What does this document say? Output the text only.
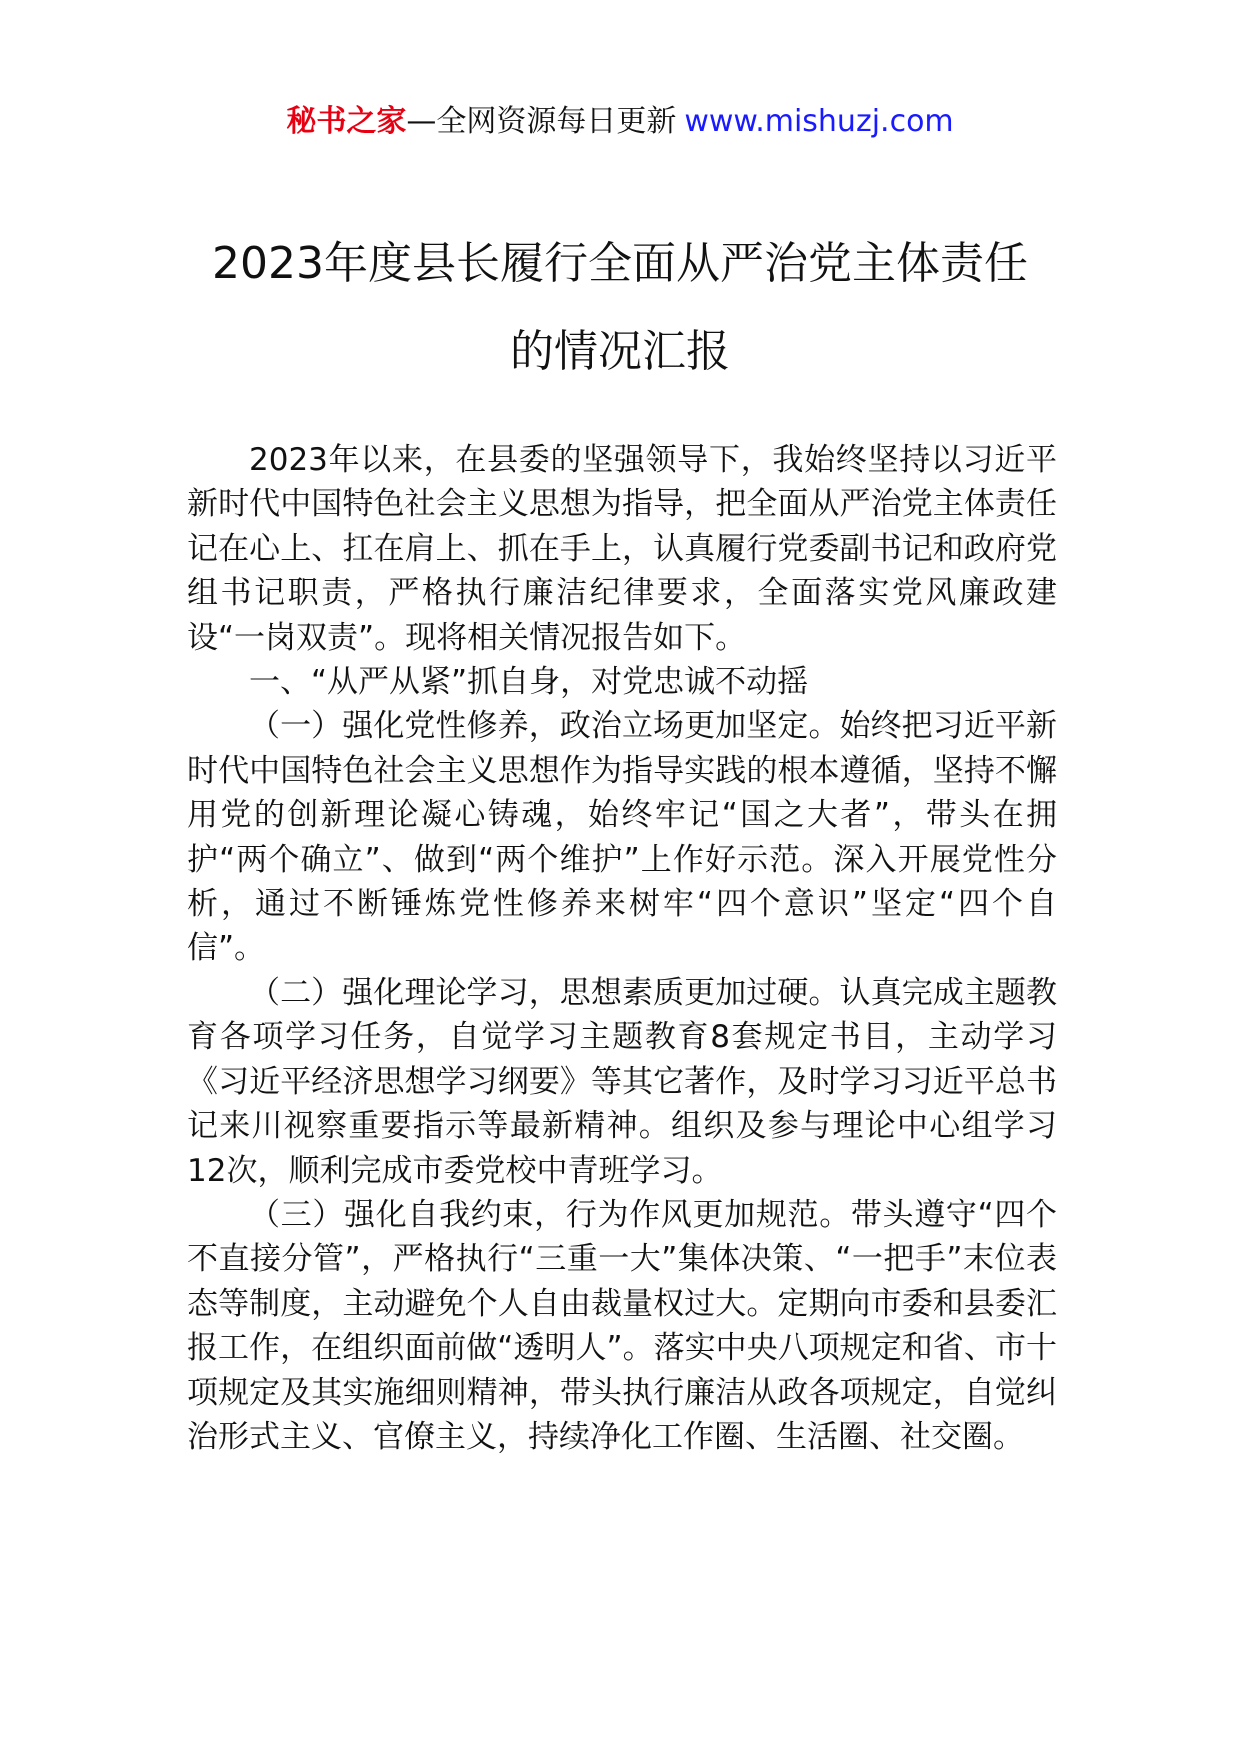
秘书之家—全网资源每日更新 www.mishuzj.com
2023年度县长履行全面从严治党主体责任
的情况汇报

2023年以来，在县委的坚强领导下，我始终坚持以习近平新时代中国特色社会主义思想为指导，把全面从严治党主体责任记在心上、扛在肩上、抓在手上，认真履行党委副书记和政府党组书记职责，严格执行廉洁纪律要求，全面落实党风廉政建设“一岗双责”。现将相关情况报告如下。

一、“从严从紧”抓自身，对党忠诚不动摇

（一）强化党性修养，政治立场更加坚定。始终把习近平新时代中国特色社会主义思想作为指导实践的根本遵循，坚持不懈用党的创新理论凝心铸魂，始终牢记“国之大者”，带头在拥护“两个确立”、做到“两个维护”上作好示范。深入开展党性分析，通过不断锤炼党性修养来树牢“四个意识”坚定“四个自信”。

（二）强化理论学习，思想素质更加过硬。认真完成主题教育各项学习任务，自觉学习主题教育8套规定书目，主动学习《习近平经济思想学习纲要》等其它著作，及时学习习近平总书记来川视察重要指示等最新精神。组织及参与理论中心组学习12次，顺利完成市委党校中青班学习。

（三）强化自我约束，行为作风更加规范。带头遵守“四个不直接分管”，严格执行“三重一大”集体决策、“一把手”末位表态等制度，主动避免个人自由裁量权过大。定期向市委和县委汇报工作，在组织面前做“透明人”。落实中央八项规定和省、市十项规定及其实施细则精神，带头执行廉洁从政各项规定，自觉纠治形式主义、官僚主义，持续净化工作圈、生活圈、社交圈。
